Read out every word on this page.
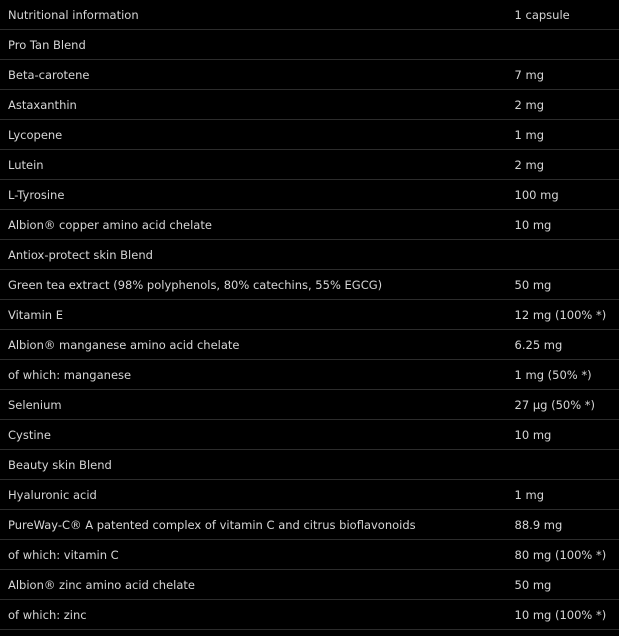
Nutritional information	1 capsule
Pro Tan Blend	
Beta-carotene	7 mg
Astaxanthin	2 mg
Lycopene	1 mg
Lutein	2 mg
L-Tyrosine	100 mg
Albion® copper amino acid chelate	10 mg
Antiox-protect skin Blend	
Green tea extract (98% polyphenols, 80% catechins, 55% EGCG)	50 mg
Vitamin E	12 mg (100% *)
Albion® manganese amino acid chelate	6.25 mg
of which: manganese	1 mg (50% *)
Selenium	27 µg (50% *)
Cystine	10 mg
Beauty skin Blend	
Hyaluronic acid	1 mg
PureWay-C® A patented complex of vitamin C and citrus bioflavonoids	88.9 mg
of which: vitamin C	80 mg (100% *)
Albion® zinc amino acid chelate	50 mg
of which: zinc	10 mg (100% *)
